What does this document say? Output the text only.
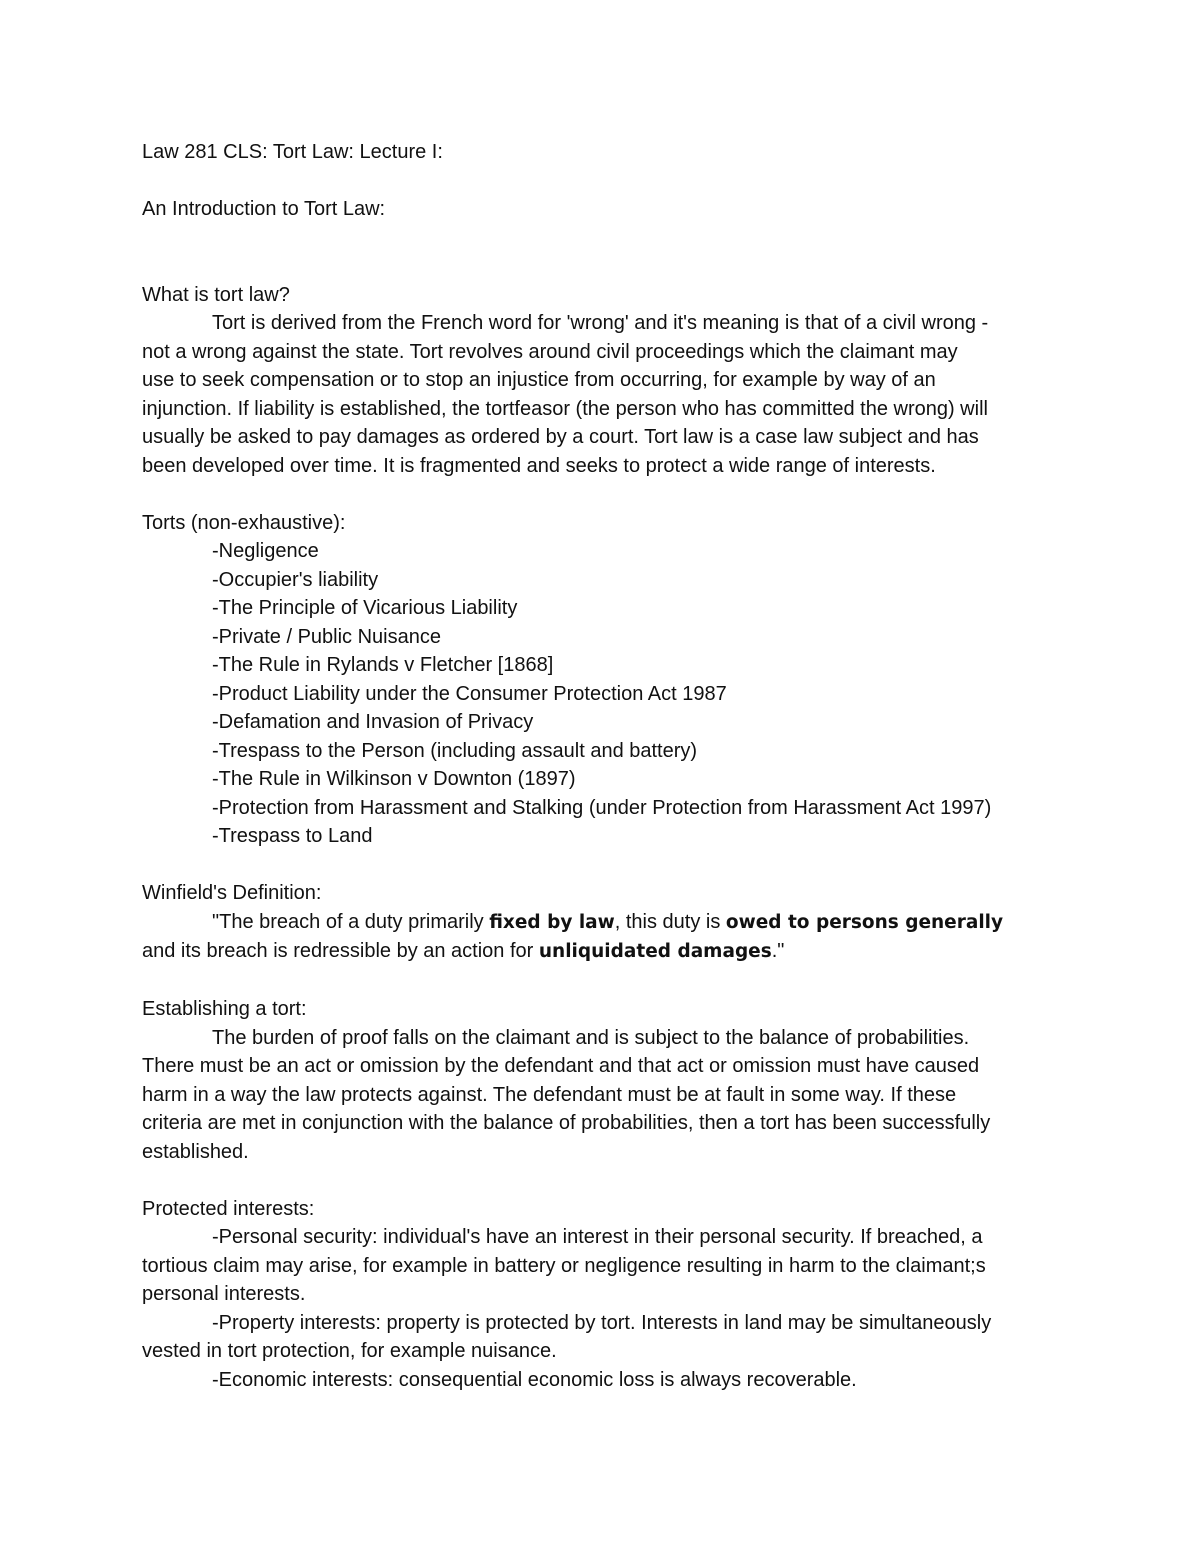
Law 281 CLS: Tort Law: Lecture I:
An Introduction to Tort Law:
What is tort law?
Tort is derived from the French word for 'wrong' and it's meaning is that of a civil wrong -
not a wrong against the state. Tort revolves around civil proceedings which the claimant may
use to seek compensation or to stop an injustice from occurring, for example by way of an
injunction. If liability is established, the tortfeasor (the person who has committed the wrong) will
usually be asked to pay damages as ordered by a court. Tort law is a case law subject and has
been developed over time. It is fragmented and seeks to protect a wide range of interests.
Torts (non-exhaustive):
-Negligence
-Occupier's liability
-The Principle of Vicarious Liability
-Private / Public Nuisance
-The Rule in Rylands v Fletcher [1868]
-Product Liability under the Consumer Protection Act 1987
-Defamation and Invasion of Privacy
-Trespass to the Person (including assault and battery)
-The Rule in Wilkinson v Downton (1897)
-Protection from Harassment and Stalking (under Protection from Harassment Act 1997)
-Trespass to Land
Winfield's Definition:
"The breach of a duty primarily fixed by law, this duty is owed to persons generally
and its breach is redressible by an action for unliquidated damages."
Establishing a tort:
The burden of proof falls on the claimant and is subject to the balance of probabilities.
There must be an act or omission by the defendant and that act or omission must have caused
harm in a way the law protects against. The defendant must be at fault in some way. If these
criteria are met in conjunction with the balance of probabilities, then a tort has been successfully
established.
Protected interests:
-Personal security: individual's have an interest in their personal security. If breached, a
tortious claim may arise, for example in battery or negligence resulting in harm to the claimant;s
personal interests.
-Property interests: property is protected by tort. Interests in land may be simultaneously
vested in tort protection, for example nuisance.
-Economic interests: consequential economic loss is always recoverable.
